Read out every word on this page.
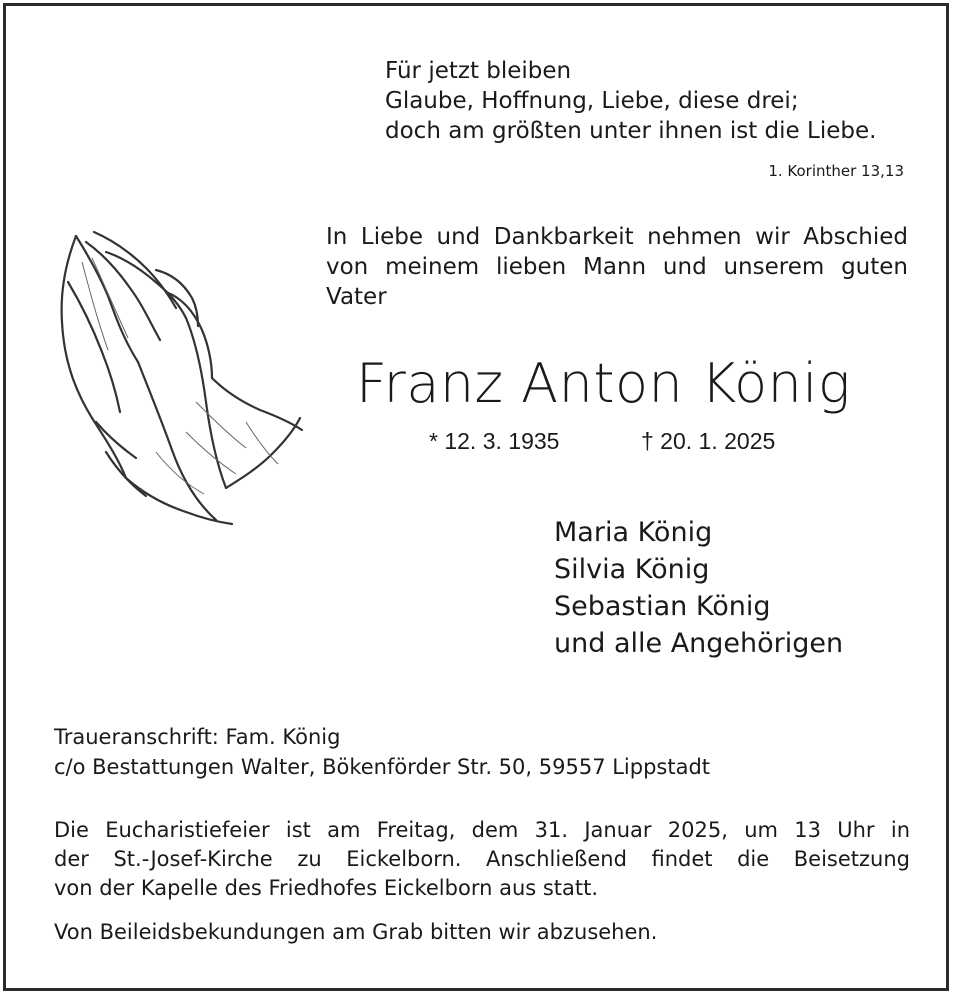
Für jetzt bleiben
Glaube, Hoffnung, Liebe, diese drei;
doch am größten unter ihnen ist die Liebe.
1. Korinther 13,13
In Liebe und Dankbarkeit nehmen wir Abschied
von meinem lieben Mann und unserem guten
Vater
Franz Anton König
* 12. 3. 1935	† 20. 1. 2025
Maria König
Silvia König
Sebastian König
und alle Angehörigen
Traueranschrift: Fam. König
c/o Bestattungen Walter, Bökenförder Str. 50, 59557 Lippstadt
Die Eucharistiefeier ist am Freitag, dem 31. Januar 2025, um 13 Uhr in
der St.-Josef-Kirche zu Eickelborn. Anschließend findet die Beisetzung
von der Kapelle des Friedhofes Eickelborn aus statt.
Von Beileidsbekundungen am Grab bitten wir abzusehen.
